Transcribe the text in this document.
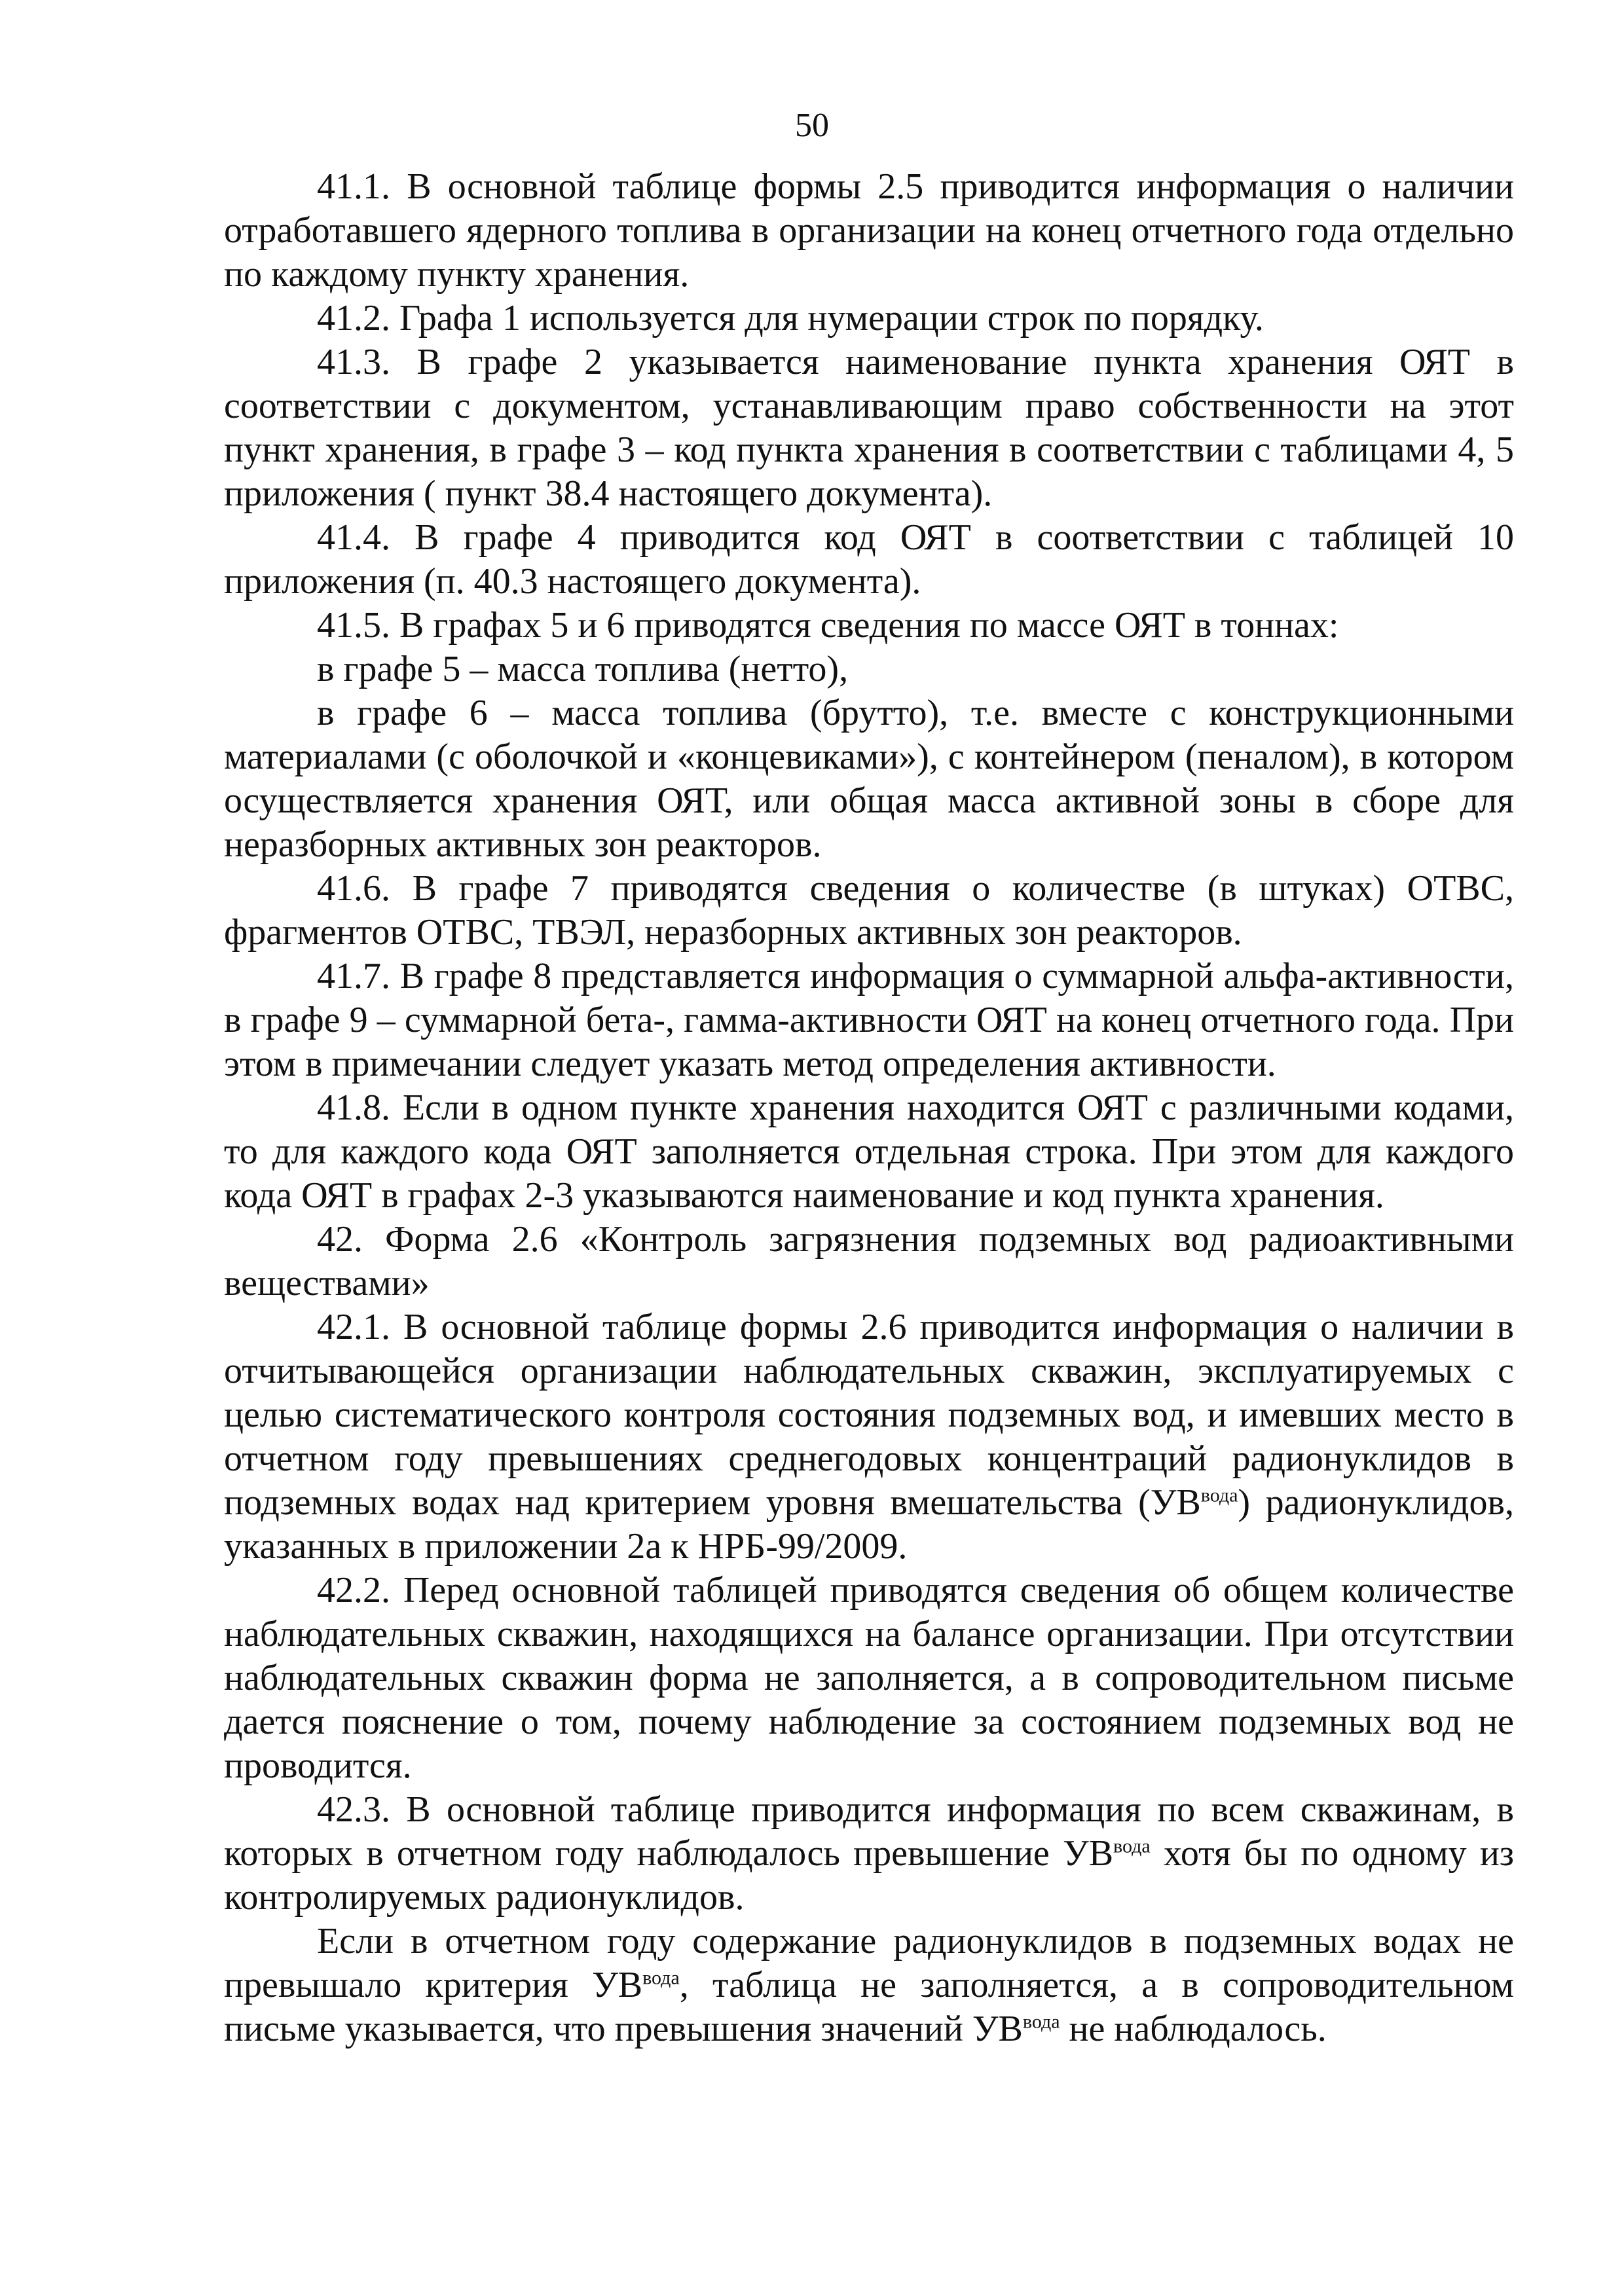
50

41.1. В основной таблице формы 2.5 приводится информация о наличии отработавшего ядерного топлива в организации на конец отчетного года отдельно по каждому пункту хранения.

41.2. Графа 1 используется для нумерации строк по порядку.

41.3. В графе 2 указывается наименование пункта хранения ОЯТ в соответствии с документом, устанавливающим право собственности на этот пункт хранения, в графе 3 – код пункта хранения в соответствии с таблицами 4, 5 приложения ( пункт 38.4 настоящего документа).

41.4. В графе 4 приводится код ОЯТ в соответствии с таблицей 10 приложения (п. 40.3 настоящего документа).

41.5. В графах 5 и 6 приводятся сведения по массе ОЯТ в тоннах:

в графе 5 – масса топлива (нетто),

в графе 6 – масса топлива (брутто), т.е. вместе с конструкционными материалами (с оболочкой и «концевиками»), с контейнером (пеналом), в котором осуществляется хранения ОЯТ, или общая масса активной зоны в сборе для неразборных активных зон реакторов.

41.6. В графе 7 приводятся сведения о количестве (в штуках) ОТВС, фрагментов ОТВС, ТВЭЛ, неразборных активных зон реакторов.

41.7. В графе 8 представляется информация о суммарной альфа-активности, в графе 9 – суммарной бета-, гамма-активности ОЯТ на конец отчетного года. При этом в примечании следует указать метод определения активности.

41.8. Если в одном пункте хранения находится ОЯТ с различными кодами, то для каждого кода ОЯТ заполняется отдельная строка. При этом для каждого кода ОЯТ в графах 2-3 указываются наименование и код пункта хранения.

42. Форма 2.6 «Контроль загрязнения подземных вод радиоактивными веществами»

42.1. В основной таблице формы 2.6 приводится информация о наличии в отчитывающейся организации наблюдательных скважин, эксплуатируемых с целью систематического контроля состояния подземных вод, и имевших место в отчетном году превышениях среднегодовых концентраций радионуклидов в подземных водах над критерием уровня вмешательства $(УВ^{вода})$ радионуклидов, указанных в приложении 2а к НРБ-99/2009.

42.2. Перед основной таблицей приводятся сведения об общем количестве наблюдательных скважин, находящихся на балансе организации. При отсутствии наблюдательных скважин форма не заполняется, а в сопроводительном письме дается пояснение о том, почему наблюдение за состоянием подземных вод не проводится.

42.3. В основной таблице приводится информация по всем скважинам, в которых в отчетном году наблюдалось превышение $УВ^{вода}$ хотя бы по одному из контролируемых радионуклидов.

Если в отчетном году содержание радионуклидов в подземных водах не превышало критерия $УВ^{вода}$, таблица не заполняется, а в сопроводительном письме указывается, что превышения значений $УВ^{вода}$ не наблюдалось.
